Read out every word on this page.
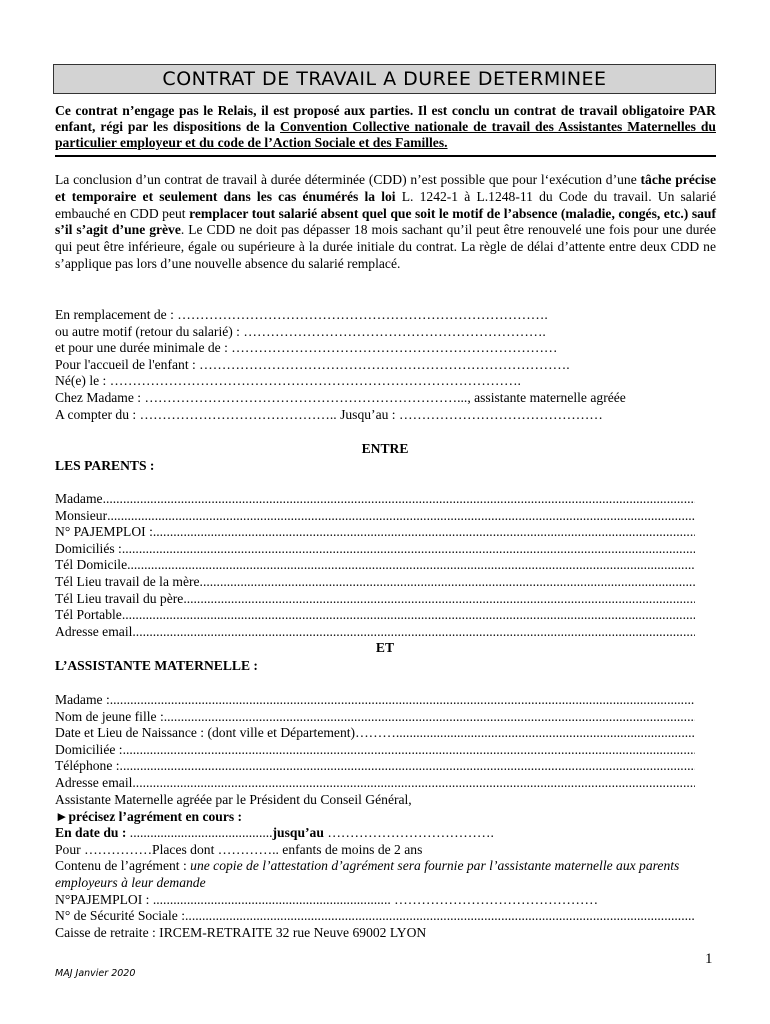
CONTRAT DE TRAVAIL A DUREE DETERMINEE
Ce contrat n’engage pas le Relais, il est proposé aux parties. Il est conclu un contrat de travail obligatoire PAR enfant, régi par les dispositions de la Convention Collective nationale de travail des Assistantes Maternelles du particulier employeur et du code de l’Action Sociale et des Familles.
La conclusion d’un contrat de travail à durée déterminée (CDD) n’est possible que pour l‘exécution d’une tâche précise et temporaire et seulement dans les cas énumérés la loi L. 1242-1 à L.1248-11 du Code du travail. Un salarié embauché en CDD peut remplacer tout salarié absent quel que soit le motif de l’absence (maladie, congés, etc.) sauf s’il s’agit d’une grève. Le CDD ne doit pas dépasser 18 mois sachant qu’il peut être renouvelé une fois pour une durée qui peut être inférieure, égale ou supérieure à la durée initiale du contrat. La règle de délai d’attente entre deux CDD ne s’applique pas lors d’une nouvelle absence du salarié remplacé.
En remplacement de : ……………………………………………………………………….
ou autre motif (retour du salarié) : ………………………………………………………….
et pour une durée minimale de : ………………………………………………………………
Pour l'accueil de l'enfant : ……………………………………………………………………….
Né(e) le : ……………………………………………………………………………….
Chez Madame : ……………………………………………………………..., assistante maternelle agréée
A compter du : …………………………………….. Jusqu’au : ………………………………………
ENTRE
LES PARENTS :
Madame
.....
Monsieur
.....
N° PAJEMPLOI :
.....
Domiciliés :
.....
Tél Domicile
.....
Tél Lieu travail de la mère
.....
Tél Lieu travail du père
.....
Tél Portable
.....
Adresse email
.....
ET
L’ASSISTANTE MATERNELLE :
Madame :
.....
Nom de jeune fille :
.....
Date et Lieu de Naissance : (dont ville et Département)………
.....
Domiciliée :
.....
Téléphone :
.....
Adresse email
.....
Assistante Maternelle agréée par le Président du Conseil Général,
►précisez l’agrément en cours :
En date du : ..........................................jusqu’au ……………………………….
Pour ……………Places dont ………….. enfants de moins de 2 ans
Contenu de l’agrément : une copie de l’attestation d’agrément sera fournie par l’assistante maternelle aux parents employeurs à leur demande
N°PAJEMPLOI : ...................................................................... ………………………………………
N° de Sécurité Sociale :
.....
Caisse de retraite : IRCEM-RETRAITE 32 rue Neuve 69002 LYON
1
MAJ Janvier 2020
